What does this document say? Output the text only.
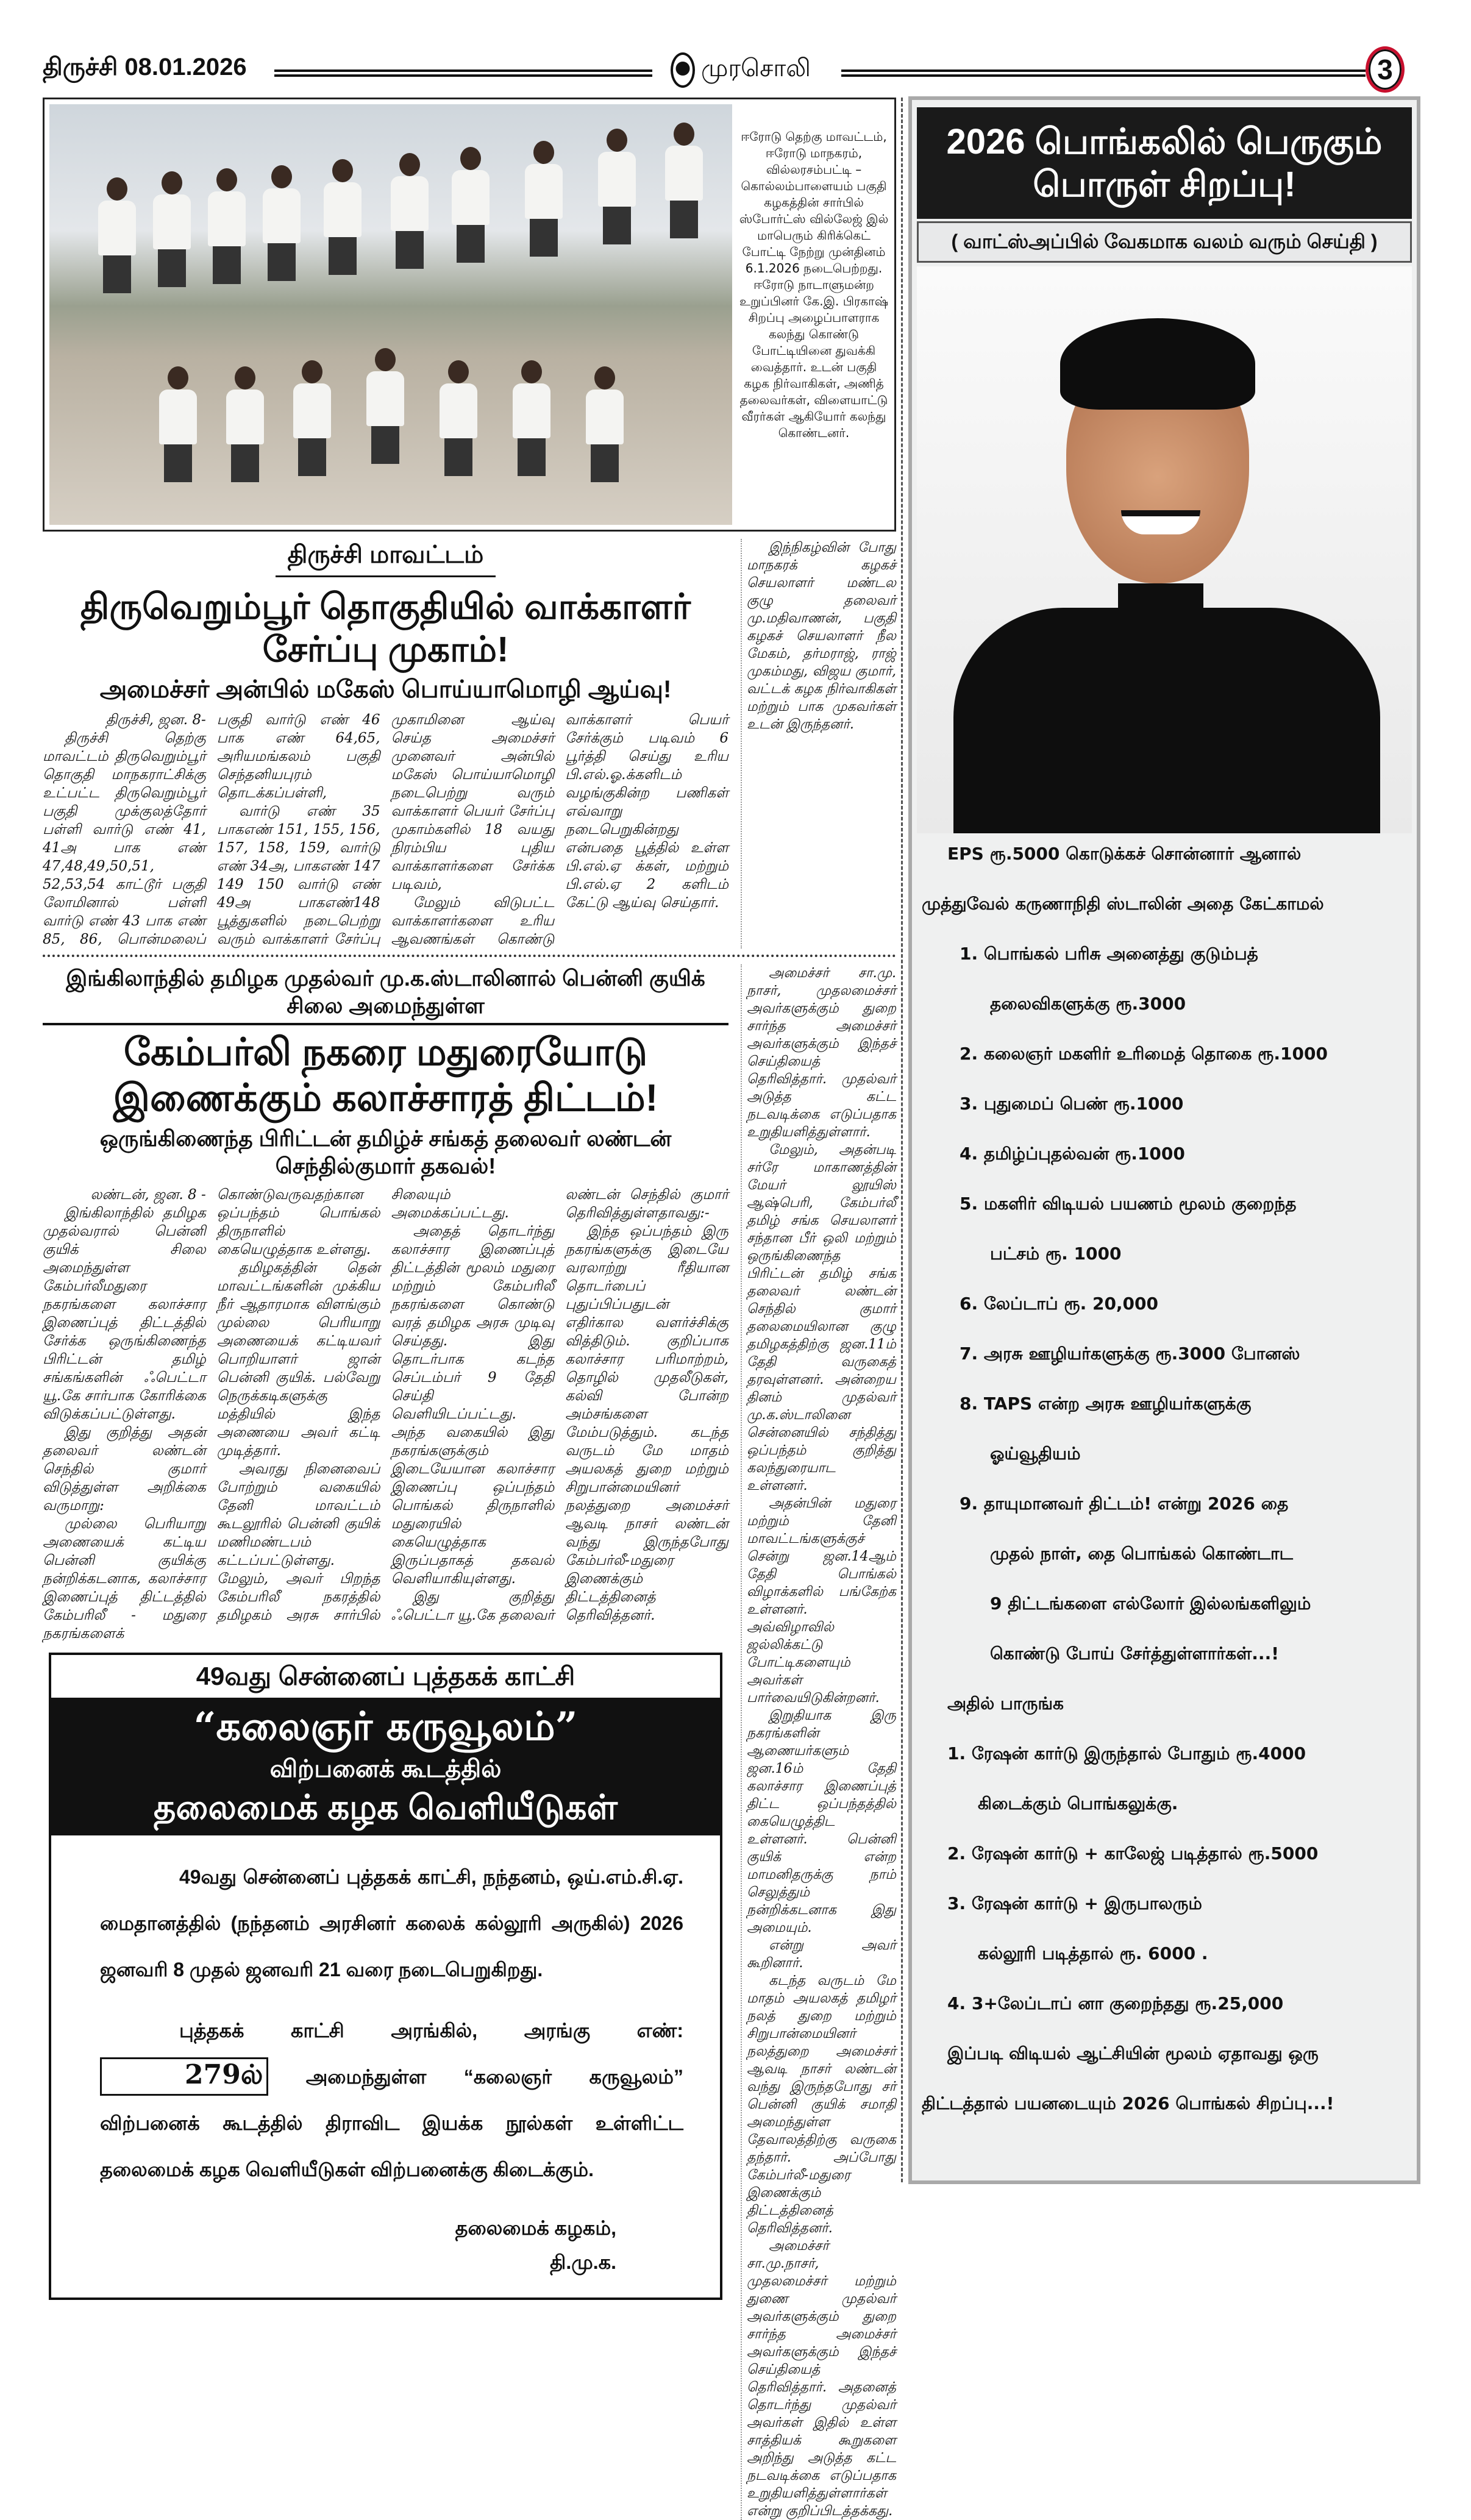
திருச்சி 08.01.2026	முரசொலி	3
ஈரோடு தெற்கு மாவட்டம், ஈரோடு மாநகரம், வில்லரசம்பட்டி – கொல்லம்பாளையம் பகுதி கழகத்தின் சார்பில் ஸ்போர்ட்ஸ் வில்லேஜ் இல் மாபெரும் கிரிக்கெட் போட்டி நேற்று முன்தினம் 6.1.2026 நடைபெற்றது. ஈரோடு நாடாளுமன்ற உறுப்பினர் கே.இ. பிரகாஷ் சிறப்பு அழைப்பாளராக கலந்து கொண்டு போட்டியினை துவக்கி வைத்தார். உடன் பகுதி கழக நிர்வாகிகள், அணித் தலைவர்கள், விளையாட்டு வீரர்கள் ஆகியோர் கலந்து கொண்டனர்.
திருச்சி மாவட்டம்
திருவெறும்பூர் தொகுதியில் வாக்காளர் சேர்ப்பு முகாம்!
அமைச்சர் அன்பில் மகேஸ் பொய்யாமொழி ஆய்வு!

திருச்சி, ஜன. 8-

திருச்சி தெற்கு மாவட்டம் திருவெறும்பூர் தொகுதி மாநகராட்சிக்கு உட்பட்ட திருவெறும்பூர் பகுதி முக்குலத்தோர் பள்ளி வார்டு எண் 41, 41அ பாக எண் 47,48,49,50,51, 52,53,54 காட்டூர் பகுதி லோமினால் பள்ளி வார்டு எண் 43 பாக எண் 85, 86, பொன்மலைப் பகுதி வார்டு எண் 46 பாக எண் 64,65, அரியமங்கலம் பகுதி செந்தனியபுரம் தொடக்கப்பள்ளி,

வார்டு எண் 35 பாகஎண் 151, 155, 156, 157, 158, 159, வார்டு எண் 34அ, பாகஎண் 147 149 150 வார்டு எண் 49அ பாகஎண்148 பூத்துகளில் நடைபெற்று வரும் வாக்காளர் சேர்ப்பு முகாமினை ஆய்வு செய்த அமைச்சர் முனைவர் அன்பில் மகேஸ் பொய்யாமொழி நடைபெற்று வரும் வாக்காளர் பெயர் சேர்ப்பு முகாம்களில் 18 வயது நிரம்பிய புதிய வாக்காளர்களை சேர்க்க படிவம்,

மேலும் விடுபட்ட வாக்காளர்களை உரிய ஆவணங்கள் கொண்டு வாக்காளர் பெயர் சேர்க்கும் படிவம் 6 பூர்த்தி செய்து உரிய பி.எல்.ஓ.க்களிடம் வழங்குகின்ற பணிகள் எவ்வாறு நடைபெறுகின்றது என்பதை பூத்தில் உள்ள பி.எல்.ஏ க்கள், மற்றும் பி.எல்.ஏ 2 களிடம் கேட்டு ஆய்வு செய்தார்.

இந்நிகழ்வின் போது மாநகரக் கழகச் செயலாளர் மண்டல குழு தலைவர் மு.மதிவாணன், பகுதி கழகச் செயலாளர் நீல மேகம், தர்மராஜ், ராஜ் முகம்மது, விஜய குமார், வட்டக் கழக நிர்வாகிகள் மற்றும் பாக முகவர்கள் உடன் இருந்தனர்.

இங்கிலாந்தில் தமிழக முதல்வர் மு.க.ஸ்டாலினால் பென்னி குயிக் சிலை அமைந்துள்ள
கேம்பர்லி நகரை மதுரையோடு இணைக்கும் கலாச்சாரத் திட்டம்!
ஒருங்கிணைந்த பிரிட்டன் தமிழ்ச் சங்கத் தலைவர் லண்டன் செந்தில்குமார் தகவல்!

லண்டன், ஜன. 8 -

இங்கிலாந்தில் தமிழக முதல்வரால் பென்னி குயிக் சிலை அமைந்துள்ள கேம்பர்லீமதுரை நகரங்களை கலாச்சார இணைப்புத் திட்டத்தில் சேர்க்க ஒருங்கிணைந்த பிரிட்டன் தமிழ் சங்கங்களின் ஃபெட்டா யூ.கே சார்பாக கோரிக்கை விடுக்கப்பட்டுள்ளது.

இது குறித்து அதன் தலைவர் லண்டன் செந்தில் குமார் விடுத்துள்ள அறிக்கை வருமாறு:

முல்லை பெரியாறு அணையைக் கட்டிய பென்னி குயிக்கு நன்றிக்கடனாக, கலாச்சார இணைப்புத் திட்டத்தில் கேம்பரிலீ - மதுரை நகரங்களைக் கொண்டுவருவதற்கான ஒப்பந்தம் பொங்கல் திருநாளில் கையெழுத்தாக உள்ளது.

தமிழகத்தின் தென் மாவட்டங்களின் முக்கிய நீர் ஆதாரமாக விளங்கும் முல்லை பெரியாறு அணையைக் கட்டியவர் பொறியாளர் ஜான் பென்னி குயிக். பல்வேறு நெருக்கடிகளுக்கு மத்தியில் இந்த அணையை அவர் கட்டி முடித்தார்.

அவரது நினைவைப் போற்றும் வகையில் தேனி மாவட்டம் கூடலூரில் பென்னி குயிக் மணிமண்டபம் கட்டப்பட்டுள்ளது. மேலும், அவர் பிறந்த கேம்பரிலீ நகரத்தில் தமிழகம் அரசு சார்பில் சிலையும் அமைக்கப்பட்டது.

அதைத் தொடர்ந்து கலாச்சார இணைப்புத் திட்டத்தின் மூலம் மதுரை மற்றும் கேம்பரிலீ நகரங்களை கொண்டு வரத் தமிழக அரசு முடிவு செய்தது. இது தொடர்பாக கடந்த செப்டம்பர் 9 தேதி செய்தி வெளியிடப்பட்டது. அந்த வகையில் இது நகரங்களுக்கும் இடையேயான கலாச்சார இணைப்பு ஒப்பந்தம் பொங்கல் திருநாளில் மதுரையில் கையெழுத்தாக இருப்பதாகத் தகவல் வெளியாகியுள்ளது.

இது குறித்து ஃபெட்டா யூ.கே தலைவர் லண்டன் செந்தில் குமார் தெரிவித்துள்ளதாவது:-

இந்த ஒப்பந்தம் இரு நகரங்களுக்கு இடையே வரலாற்று ரீதியான தொடர்பைப் புதுப்பிப்பதுடன் எதிர்கால வளர்ச்சிக்கு வித்திடும். குறிப்பாக கலாச்சார பரிமாற்றம், தொழில் முதலீடுகள், கல்வி போன்ற அம்சங்களை மேம்படுத்தும். கடந்த வருடம் மே மாதம் அயலகத் துறை மற்றும் சிறுபான்மையினர் நலத்துறை அமைச்சர் ஆவடி நாசர் லண்டன் வந்து இருந்தபோது கேம்பர்லீ-மதுரை இணைக்கும் திட்டத்தினைத் தெரிவித்தனர்.

49வது சென்னைப் புத்தகக் காட்சி
“கலைஞர் கருவூலம்”
விற்பனைக் கூடத்தில்
தலைமைக் கழக வெளியீடுகள்

49வது சென்னைப் புத்தகக் காட்சி, நந்தனம், ஒய்.எம்.சி.ஏ. மைதானத்தில் (நந்தனம் அரசினர் கலைக் கல்லூரி அருகில்) 2026 ஜனவரி 8 முதல் ஜனவரி 21 வரை நடைபெறுகிறது.

புத்தகக் காட்சி அரங்கில், அரங்கு எண்:279ல் அமைந்துள்ள “கலைஞர் கருவூலம்” விற்பனைக் கூடத்தில் திராவிட இயக்க நூல்கள் உள்ளிட்ட தலைமைக் கழக வெளியீடுகள் விற்பனைக்கு கிடைக்கும்.

தலைமைக் கழகம்,
தி.மு.க.

அமைச்சர் சா.மு. நாசர், முதலமைச்சர் அவர்களுக்கும் துறை சார்ந்த அமைச்சர் அவர்களுக்கும் இந்தச் செய்தியைத் தெரிவித்தார். முதல்வர் அடுத்த கட்ட நடவடிக்கை எடுப்பதாக உறுதியளித்துள்ளார்.

மேலும், அதன்படி சர்ரே மாகாணத்தின் மேயர் லூயிஸ் ஆஷ்பெரி, கேம்பர்லீ தமிழ் சங்க செயலாளர் சந்தான பீர் ஒலி மற்றும் ஒருங்கிணைந்த பிரிட்டன் தமிழ் சங்க தலைவர் லண்டன் செந்தில் குமார் தலைமையிலான குழு தமிழகத்திற்கு ஜன.11ம் தேதி வருகைத் தரவுள்ளனர். அன்றைய தினம் முதல்வர் மு.க.ஸ்டாலினை சென்னையில் சந்தித்து ஒப்பந்தம் குறித்து கலந்துரையாட உள்ளனர்.

அதன்பின் மதுரை மற்றும் தேனி மாவட்டங்களுக்குச் சென்று ஜன.14ஆம் தேதி பொங்கல் விழாக்களில் பங்கேற்க உள்ளனர். அவ்விழாவில் ஜல்லிக்கட்டு போட்டிகளையும் அவர்கள் பார்வையிடுகின்றனர்.

இறுதியாக இரு நகரங்களின் ஆணையர்களும் ஜன.16ம் தேதி கலாச்சார இணைப்புத் திட்ட ஒப்பந்தத்தில் கையெழுத்திட உள்ளனர். பென்னி குயிக் என்ற மாமனிதருக்கு நாம் செலுத்தும் நன்றிக்கடனாக இது அமையும்.

என்று அவர் கூறினார்.

கடந்த வருடம் மே மாதம் அயலகத் தமிழர் நலத் துறை மற்றும் சிறுபான்மையினர் நலத்துறை அமைச்சர் ஆவடி நாசர் லண்டன் வந்து இருந்தபோது சர் பென்னி குயிக் சமாதி அமைந்துள்ள தேவாலத்திற்கு வருகை தந்தார். அப்போது கேம்பர்லீ-மதுரை இணைக்கும் திட்டத்தினைத் தெரிவித்தனர்.

அமைச்சர் சா.மு.நாசர், முதலமைச்சர் மற்றும் துணை முதல்வர் அவர்களுக்கும் துறை சார்ந்த அமைச்சர் அவர்களுக்கும் இந்தச் செய்தியைத் தெரிவித்தார். அதனைத் தொடர்ந்து முதல்வர் அவர்கள் இதில் உள்ள சாத்தியக் கூறுகளை அறிந்து அடுத்த கட்ட நடவடிக்கை எடுப்பதாக உறுதியளித்துள்ளார்கள் என்று குறிப்பிடத்தக்கது.

2026 பொங்கலில் பெருகும் பொருள் சிறப்பு!
( வாட்ஸ்அப்பில் வேகமாக வலம் வரும் செய்தி )
EPS ரூ.5000 கொடுக்கச் சொன்னார் ஆனால்
முத்துவேல் கருணாநிதி ஸ்டாலின் அதை கேட்காமல்
1. பொங்கல் பரிசு அனைத்து குடும்பத்
தலைவிகளுக்கு ரூ.3000
2. கலைஞர் மகளிர் உரிமைத் தொகை ரூ.1000
3. புதுமைப் பெண் ரூ.1000
4. தமிழ்ப்புதல்வன் ரூ.1000
5. மகளிர் விடியல் பயணம் மூலம் குறைந்த
பட்சம் ரூ. 1000
6. லேப்டாப் ரூ. 20,000
7. அரசு ஊழியர்களுக்கு ரூ.3000 போனஸ்
8. TAPS என்ற அரசு ஊழியர்களுக்கு
ஓய்வூதியம்
9. தாயுமானவர் திட்டம்! என்று 2026 தை
முதல் நாள், தை பொங்கல் கொண்டாட
9 திட்டங்களை எல்லோர் இல்லங்களிலும்
கொண்டு போய் சேர்த்துள்ளார்கள்...!
அதில் பாருங்க
1. ரேஷன் கார்டு இருந்தால் போதும் ரூ.4000
கிடைக்கும் பொங்கலுக்கு.
2. ரேஷன் கார்டு + காலேஜ் படித்தால் ரூ.5000
3. ரேஷன் கார்டு + இருபாலரும்
கல்லூரி படித்தால் ரூ. 6000 .
4. 3+லேப்டாப் னா குறைந்தது ரூ.25,000
இப்படி விடியல் ஆட்சியின் மூலம் ஏதாவது ஒரு
திட்டத்தால் பயனடையும் 2026 பொங்கல் சிறப்பு...!
